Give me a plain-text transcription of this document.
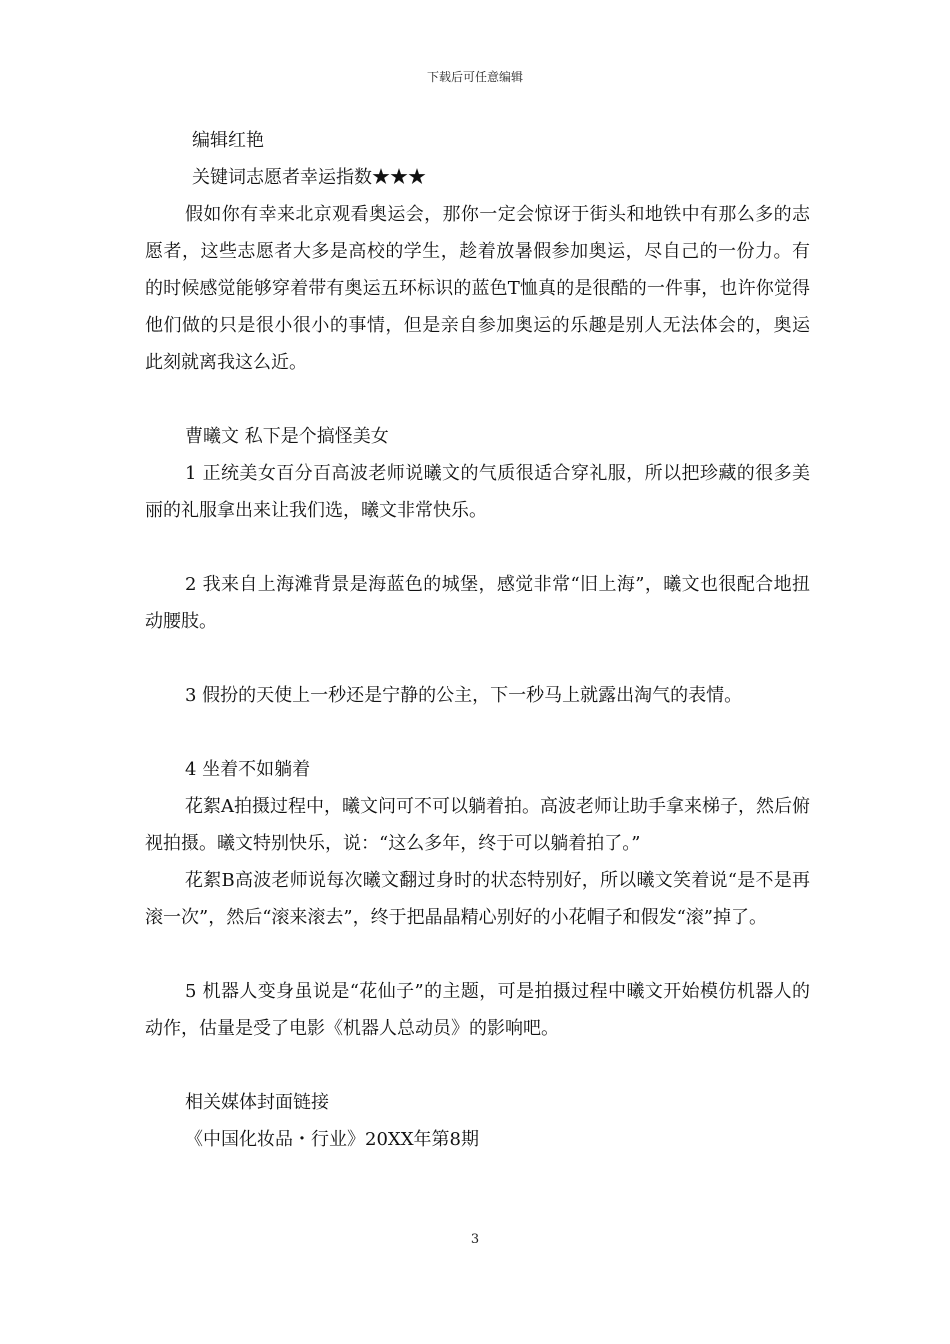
下载后可任意编辑

编辑红艳

关键词志愿者幸运指数★★★

假如你有幸来北京观看奥运会，那你一定会惊讶于街头和地铁中有那么多的志愿者，这些志愿者大多是高校的学生，趁着放暑假参加奥运，尽自己的一份力。有的时候感觉能够穿着带有奥运五环标识的蓝色T恤真的是很酷的一件事，也许你觉得他们做的只是很小很小的事情，但是亲自参加奥运的乐趣是别人无法体会的，奥运此刻就离我这么近。

曹曦文 私下是个搞怪美女

1 正统美女百分百高波老师说曦文的气质很适合穿礼服，所以把珍藏的很多美丽的礼服拿出来让我们选，曦文非常快乐。

2 我来自上海滩背景是海蓝色的城堡，感觉非常“旧上海”，曦文也很配合地扭动腰肢。

3 假扮的天使上一秒还是宁静的公主，下一秒马上就露出淘气的表情。

4 坐着不如躺着

花絮A拍摄过程中，曦文问可不可以躺着拍。高波老师让助手拿来梯子，然后俯视拍摄。曦文特别快乐，说：“这么多年，终于可以躺着拍了。”

花絮B高波老师说每次曦文翻过身时的状态特别好，所以曦文笑着说“是不是再滚一次”，然后“滚来滚去”，终于把晶晶精心别好的小花帽子和假发“滚”掉了。

5 机器人变身虽说是“花仙子”的主题，可是拍摄过程中曦文开始模仿机器人的动作，估量是受了电影《机器人总动员》的影响吧。

相关媒体封面链接

《中国化妆品・行业》20XX年第8期

3
